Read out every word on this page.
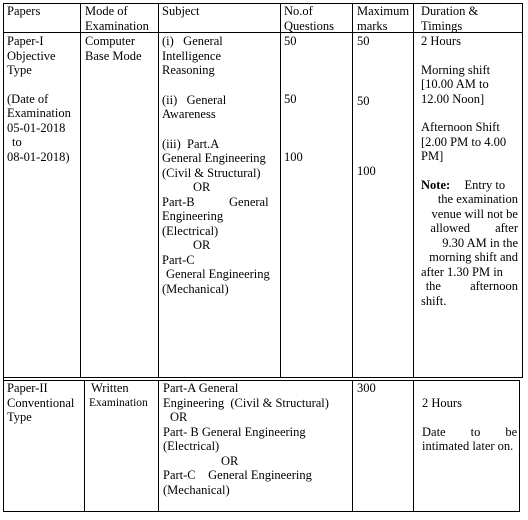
Papers	Mode of
Examination
Subject	No.of
Questions
Maximum
marks
Duration &
Timings
Paper-I
Objective
Type
(Date of
Examination
05-01-2018
to
08-01-2018)
Computer
Base Mode
(i)   General
Intelligence
Reasoning
(ii)   General
Awareness
(iii)  Part.A
General Engineering
(Civil & Structural)
OR
Part-B           General
Engineering
(Electrical)
OR
Part-C
General Engineering
(Mechanical)
50
50
100
50
50
100
2 Hours
Morning shift
[10.00 AM to
12.00 Noon]
Afternoon Shift
[2.00 PM to 4.00
PM]
Note: Entry to
the examination
venue will not be
allowed after
9.30 AM in the
morning shift and
after 1.30 PM in
the afternoon
shift.
Paper-II
Conventional
Type
Written
Examination
Part-A General
Engineering  (Civil & Structural)
OR
Part- B General Engineering
(Electrical)
OR
Part-C    General Engineering
(Mechanical)
300
2 Hours
Date        to        be
intimated later on.
